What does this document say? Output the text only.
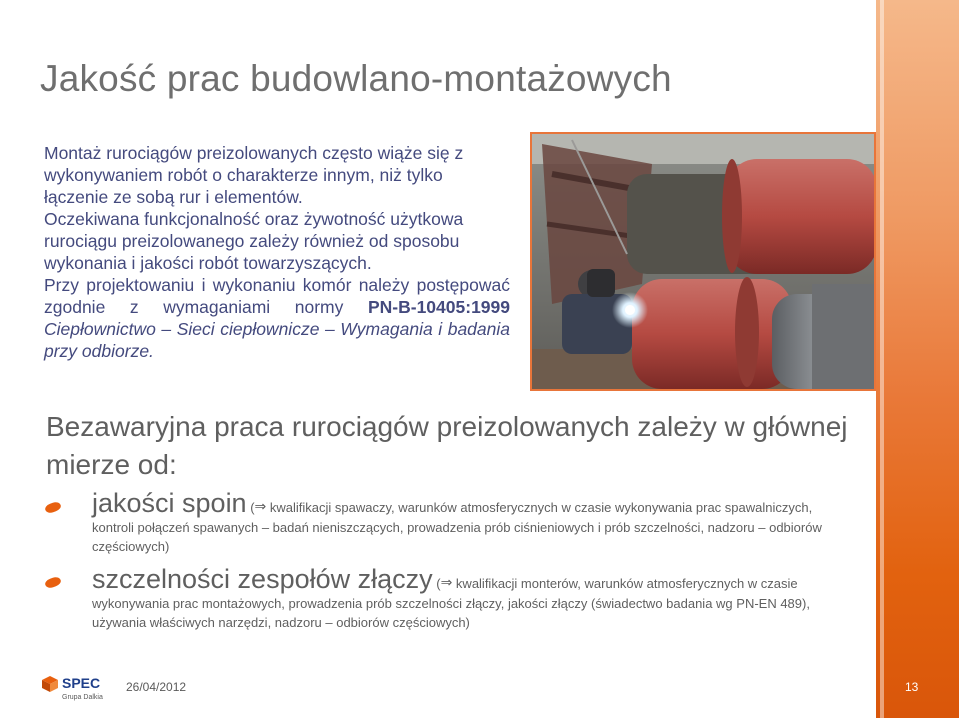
Jakość prac budowlano-montażowych

Montaż rurociągów preizolowanych często wiąże się z wykonywaniem robót o charakterze innym, niż tylko łączenie ze sobą rur i elementów.

Oczekiwana funkcjonalność oraz żywotność użytkowa rurociągu preizolowanego zależy również od sposobu wykonania i jakości robót towarzyszących.

Przy projektowaniu i wykonaniu komór należy postępować zgodnie z wymaganiami normy PN-B-10405:1999 Ciepłownictwo – Sieci ciepłownicze – Wymagania i badania przy odbiorze.

Bezawaryjna praca rurociągów preizolowanych zależy w głównej mierze od:
jakości spoin (⇒ kwalifikacji spawaczy, warunków atmosferycznych w czasie wykonywania prac spawalniczych, kontroli połączeń spawanych – badań nieniszczących, prowadzenia prób ciśnieniowych i prób szczelności, nadzoru – odbiorów częściowych)
szczelności zespołów złączy (⇒ kwalifikacji monterów, warunków atmosferycznych w czasie wykonywania prac montażowych, prowadzenia prób szczelności złączy, jakości złączy (świadectwo badania wg PN-EN 489), używania właściwych narzędzi, nadzoru – odbiorów częściowych)
SPEC
Grupa Dalkia
26/04/2012	13
